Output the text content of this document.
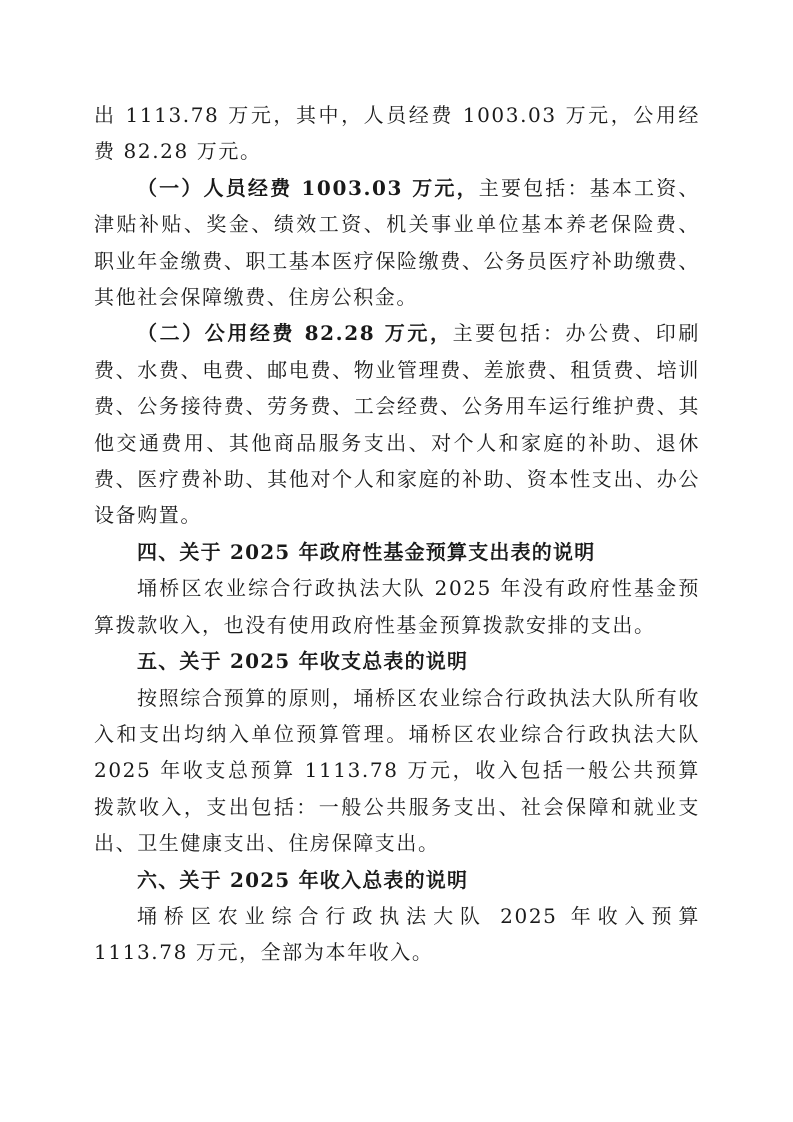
出 1113.78 万元，其中，人员经费 1003.03 万元，公用经费 82.28 万元。

（一）人员经费 1003.03 万元，主要包括：基本工资、津贴补贴、奖金、绩效工资、机关事业单位基本养老保险费、 职业年金缴费、职工基本医疗保险缴费、公务员医疗补助缴费、 其他社会保障缴费、住房公积金。

（二）公用经费 82.28 万元，主要包括：办公费、印刷费、水费、电费、邮电费、物业管理费、差旅费、租赁费、培训费、公务接待费、劳务费、工会经费、公务用车运行维护费、其他交通费用、其他商品服务支出、对个人和家庭的补助、退休费、医疗费补助、其他对个人和家庭的补助、资本性支出、办公设备购置。

四、关于 2025 年政府性基金预算支出表的说明

埇桥区农业综合行政执法大队 2025 年没有政府性基金预算拨款收入，也没有使用政府性基金预算拨款安排的支出。

五、关于 2025 年收支总表的说明

按照综合预算的原则，埇桥区农业综合行政执法大队所有收入和支出均纳入单位预算管理。埇桥区农业综合行政执法大队 2025 年收支总预算 1113.78 万元，收入包括一般公共预算拨款收入，支出包括：一般公共服务支出、社会保障和就业支出、卫生健康支出、住房保障支出。

六、关于 2025 年收入总表的说明

埇桥区农业综合行政执法大队 2025 年收入预算 1113.78 万元，全部为本年收入。
